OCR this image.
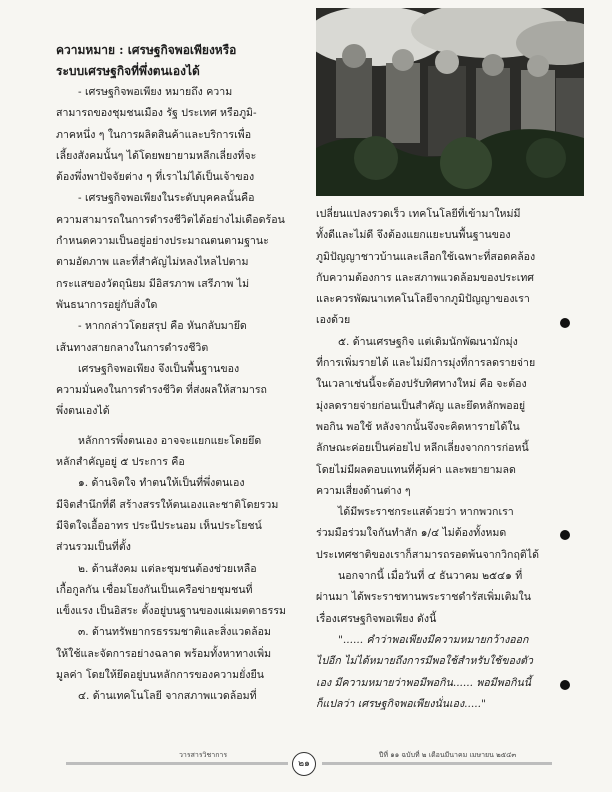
ความหมาย : เศรษฐกิจพอเพียงหรือ

ระบบเศรษฐกิจที่พึ่งตนเองได้

- เศรษฐกิจพอเพียง หมายถึง ความ

สามารถของชุมชนเมือง รัฐ ประเทศ หรือภูมิ-

ภาคหนึ่ง ๆ ในการผลิตสินค้าและบริการเพื่อ

เลี้ยงสังคมนั้นๆ ได้โดยพยายามหลีกเลี่ยงที่จะ

ต้องพึ่งพาปัจจัยต่าง ๆ ที่เราไม่ได้เป็นเจ้าของ

- เศรษฐกิจพอเพียงในระดับบุคคลนั้นคือ

ความสามารถในการดำรงชีวิตได้อย่างไม่เดือดร้อน

กำหนดความเป็นอยู่อย่างประมาณตนตามฐานะ

ตามอัตภาพ และที่สำคัญไม่หลงไหลไปตาม

กระแสของวัตถุนิยม มีอิสรภาพ เสรีภาพ ไม่

พันธนาการอยู่กับสิ่งใด

- หากกล่าวโดยสรุป คือ หันกลับมายึด

เส้นทางสายกลางในการดำรงชีวิต

เศรษฐกิจพอเพียง จึงเป็นพื้นฐานของ

ความมั่นคงในการดำรงชีวิต ที่ส่งผลให้สามารถ

พึ่งตนเองได้

หลักการพึ่งตนเอง อาจจะแยกแยะโดยยึด

หลักสำคัญอยู่ ๕ ประการ คือ

๑. ด้านจิตใจ ทำตนให้เป็นที่พึ่งตนเอง

มีจิตสำนึกที่ดี สร้างสรรให้ตนเองและชาติโดยรวม

มีจิตใจเอื้ออาทร ประนีประนอม เห็นประโยชน์

ส่วนรวมเป็นที่ตั้ง

๒. ด้านสังคม แต่ละชุมชนต้องช่วยเหลือ

เกื้อกูลกัน เชื่อมโยงกันเป็นเครือข่ายชุมชนที่

แข็งแรง เป็นอิสระ ตั้งอยู่บนฐานของแผ่เมตตาธรรม

๓. ด้านทรัพยากรธรรมชาติและสิ่งแวดล้อม

ให้ใช้และจัดการอย่างฉลาด พร้อมทั้งหาทางเพิ่ม

มูลค่า โดยให้ยึดอยู่บนหลักการของความยั่งยืน

๔. ด้านเทคโนโลยี จากสภาพแวดล้อมที่

เปลี่ยนแปลงรวดเร็ว เทคโนโลยีที่เข้ามาใหม่มี

ทั้งดีและไม่ดี จึงต้องแยกแยะบนพื้นฐานของ

ภูมิปัญญาชาวบ้านและเลือกใช้เฉพาะที่สอดคล้อง

กับความต้องการ และสภาพแวดล้อมของประเทศ

และควรพัฒนาเทคโนโลยีจากภูมิปัญญาของเรา

เองด้วย

๕. ด้านเศรษฐกิจ แต่เดิมนักพัฒนามักมุ่ง

ที่การเพิ่มรายได้ และไม่มีการมุ่งที่การลดรายจ่าย

ในเวลาเช่นนี้จะต้องปรับทิศทางใหม่ คือ จะต้อง

มุ่งลดรายจ่ายก่อนเป็นสำคัญ และยึดหลักพออยู่

พอกิน พอใช้ หลังจากนั้นจึงจะคิดหารายได้ใน

ลักษณะค่อยเป็นค่อยไป หลีกเลี่ยงจากการก่อหนี้

โดยไม่มีผลตอบแทนที่คุ้มค่า และพยายามลด

ความเสี่ยงด้านต่าง ๆ

ได้มีพระราชกระแสด้วยว่า หากพวกเรา

ร่วมมือร่วมใจกันทำสัก ๑/๔ ไม่ต้องทั้งหมด

ประเทศชาติของเราก็สามารถรอดพ้นจากวิกฤติได้

นอกจากนี้ เมื่อวันที่ ๔ ธันวาคม ๒๕๔๑ ที่

ผ่านมา ได้พระราชทานพระราชดำรัสเพิ่มเติมใน

เรื่องเศรษฐกิจพอเพียง ดังนี้

"...... คำว่าพอเพียงมีความหมายกว้างออก

ไปอีก ไม่ได้หมายถึงการมีพอใช้สำหรับใช้ของตัว

เอง มีความหมายว่าพอมีพอกิน...... พอมีพอกินนี้

ก็แปลว่า เศรษฐกิจพอเพียงนั่นเอง....."

วารสารวิชาการ
๒๑
ปีที่ ๑๑ ฉบับที่ ๒ เดือนมีนาคม เมษายน ๒๕๔๓
